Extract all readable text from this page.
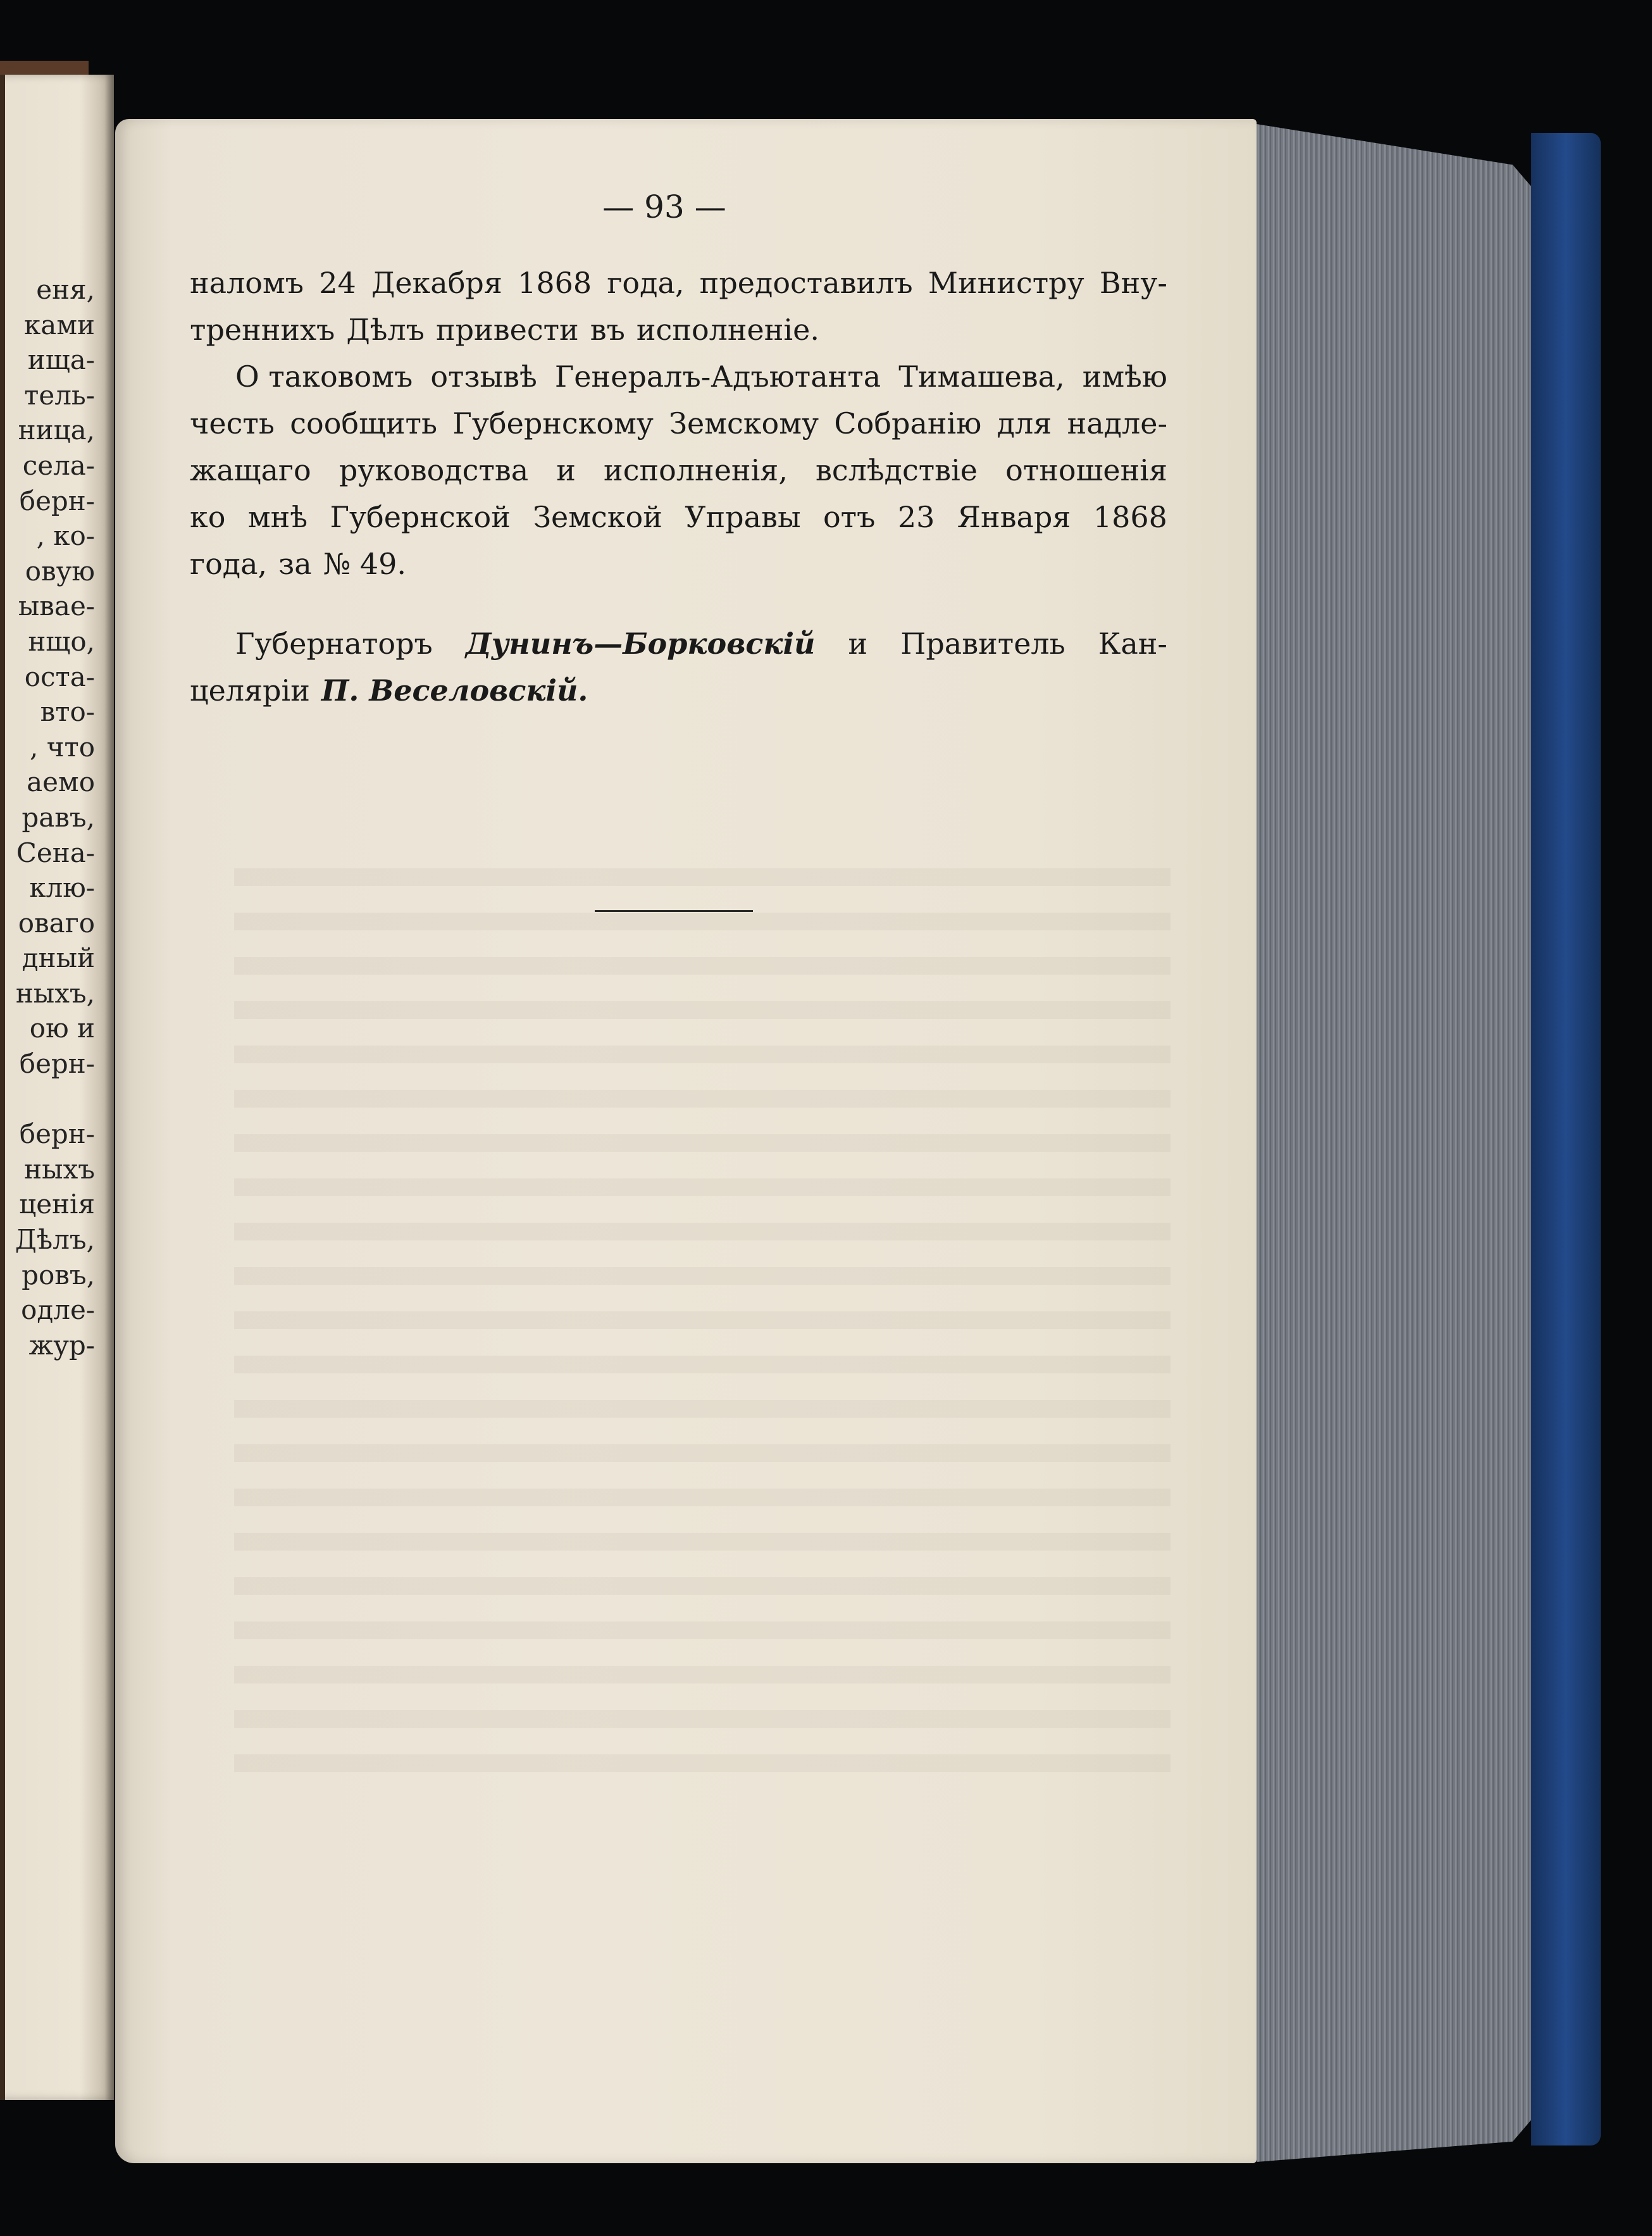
еня,
ками
ища-
тель-
ница,
села-
берн-
, ко-
овую
ывае-
нщо,
оста-
вто-
, что
аемо
равъ,
Сена-
клю-
оваго
дный
ныхъ,
ою и
берн-
берн-
ныхъ
ценія
Дѣлъ,
ровъ,
одле-
жур-
— 93 —
наломъ 24 Декабря 1868 года, предоставилъ Министру Вну-
треннихъ Дѣлъ привести въ исполненіе.
О таковомъ отзывѣ Генералъ-Адъютанта Тимашева, имѣю
честь сообщить Губернскому Земскому Собранію для надле-
жащаго руководства и исполненія, вслѣдствіе отношенія
ко мнѣ Губернской Земской Управы отъ 23 Января 1868
года, за № 49.
Губернаторъ Дунинъ—Борковскій и Правитель Кан-
целяріи П. Веселовскій.
